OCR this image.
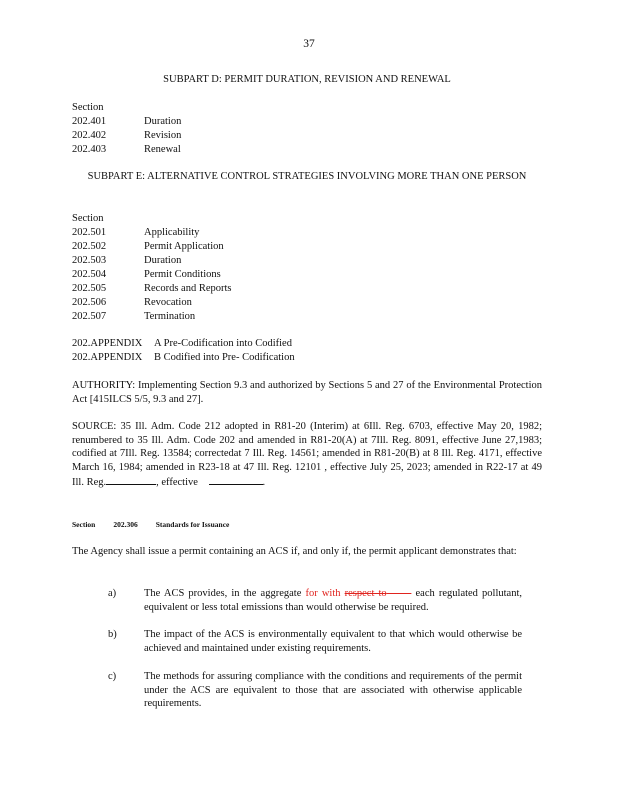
37
SUBPART D: PERMIT DURATION, REVISION AND RENEWAL
Section
202.401	Duration
202.402	Revision
202.403	Renewal
SUBPART E: ALTERNATIVE CONTROL STRATEGIES INVOLVING MORE THAN ONE PERSON
Section
202.501	Applicability
202.502	Permit Application
202.503	Duration
202.504	Permit Conditions
202.505	Records and Reports
202.506	Revocation
202.507	Termination
202.APPENDIX A Pre-Codification into Codified
202.APPENDIX B Codified into Pre- Codification
AUTHORITY: Implementing Section 9.3 and authorized by Sections 5 and 27 of the Environmental Protection Act [415ILCS 5/5, 9.3 and 27].
SOURCE: 35 Ill. Adm. Code 212 adopted in R81-20 (Interim) at 6Ill. Reg. 6703, effective May 20, 1982; renumbered to 35 Ill. Adm. Code 202 and amended in R81-20(A) at 7Ill. Reg. 8091, effective June 27,1983; codified at 7Ill. Reg. 13584; correctedat 7 Ill. Reg. 14561; amended in R81-20(B) at 8 Ill. Reg. 4171, effective March 16, 1984; amended in R23-18 at 47 Ill. Reg. 12101 , effective July 25, 2023; amended in R22-17 at 49 Ill. Reg.	, effective	.
Section 202.306 Standards for Issuance
The Agency shall issue a permit containing an ACS if, and only if, the permit applicant demonstrates that:
a)	The ACS provides, in the aggregate for with respect to	each regulated pollutant, equivalent or less total emissions than would otherwise be required.
b)	The impact of the ACS is environmentally equivalent to that which would otherwise be achieved and maintained under existing requirements.
c)	The methods for assuring compliance with the conditions and requirements of the permit under the ACS are equivalent to those that are associated with otherwise applicable requirements.
